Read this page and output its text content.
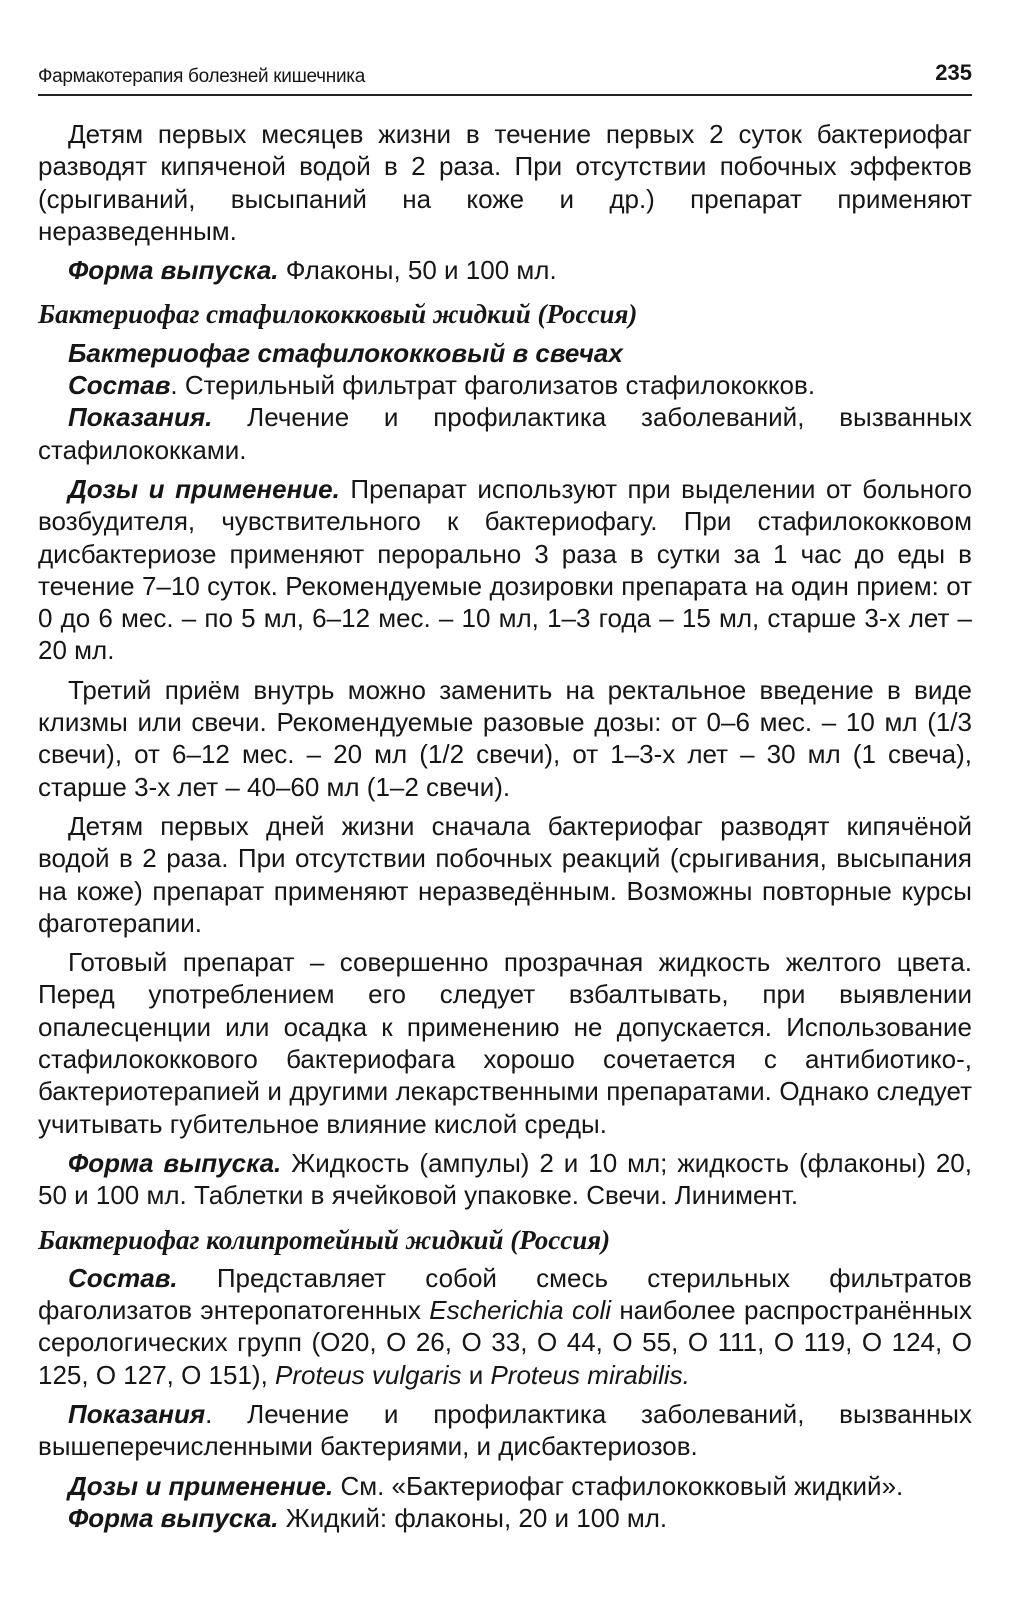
Фармакотерапия болезней кишечника	235

Детям первых месяцев жизни в течение первых 2 суток бактериофаг разводят кипяченой водой в 2 раза. При отсутствии побочных эффектов (срыгиваний, высыпаний на коже и др.) препарат применяют неразведенным.

Форма выпуска. Флаконы, 50 и 100 мл.

Бактериофаг стафилококковый жидкий (Россия)

Бактериофаг стафилококковый в свечах

Состав. Стерильный фильтрат фаголизатов стафилококков.

Показания. Лечение и профилактика заболеваний, вызванных стафилококками.

Дозы и применение. Препарат используют при выделении от больного возбудителя, чувствительного к бактериофагу. При стафилококковом дисбактериозе применяют перорально 3 раза в сутки за 1 час до еды в течение 7–10 суток. Рекомендуемые дозировки препарата на один прием: от 0 до 6 мес. – по 5 мл, 6–12 мес. – 10 мл, 1–3 года – 15 мл, старше 3-х лет – 20 мл.

Третий приём внутрь можно заменить на ректальное введение в виде клизмы или свечи. Рекомендуемые разовые дозы: от 0–6 мес. – 10 мл (1/3 свечи), от 6–12 мес. – 20 мл (1/2 свечи), от 1–3-х лет – 30 мл (1 свеча), старше 3-х лет – 40–60 мл (1–2 свечи).

Детям первых дней жизни сначала бактериофаг разводят кипячёной водой в 2 раза. При отсутствии побочных реакций (срыгивания, высыпания на коже) препарат применяют неразведённым. Возможны повторные курсы фаготерапии.

Готовый препарат – совершенно прозрачная жидкость желтого цвета. Перед употреблением его следует взбалтывать, при выявлении опалесценции или осадка к применению не допускается. Использование стафилококкового бактериофага хорошо сочетается с антибиотико-, бактериотерапией и другими лекарственными препаратами. Однако следует учитывать губительное влияние кислой среды.

Форма выпуска. Жидкость (ампулы) 2 и 10 мл; жидкость (флаконы) 20, 50 и 100 мл. Таблетки в ячейковой упаковке. Свечи. Линимент.

Бактериофаг колипротейный жидкий (Россия)

Состав. Представляет собой смесь стерильных фильтратов фаголизатов энтеропатогенных Escherichia coli наиболее распространённых серологических групп (О20, О 26, О 33, О 44, О 55, О 111, О 119, О 124, О 125, О 127, О 151), Proteus vulgaris и Proteus mirabilis.

Показания. Лечение и профилактика заболеваний, вызванных вышеперечисленными бактериями, и дисбактериозов.

Дозы и применение. См. «Бактериофаг стафилококковый жидкий».

Форма выпуска. Жидкий: флаконы, 20 и 100 мл.
